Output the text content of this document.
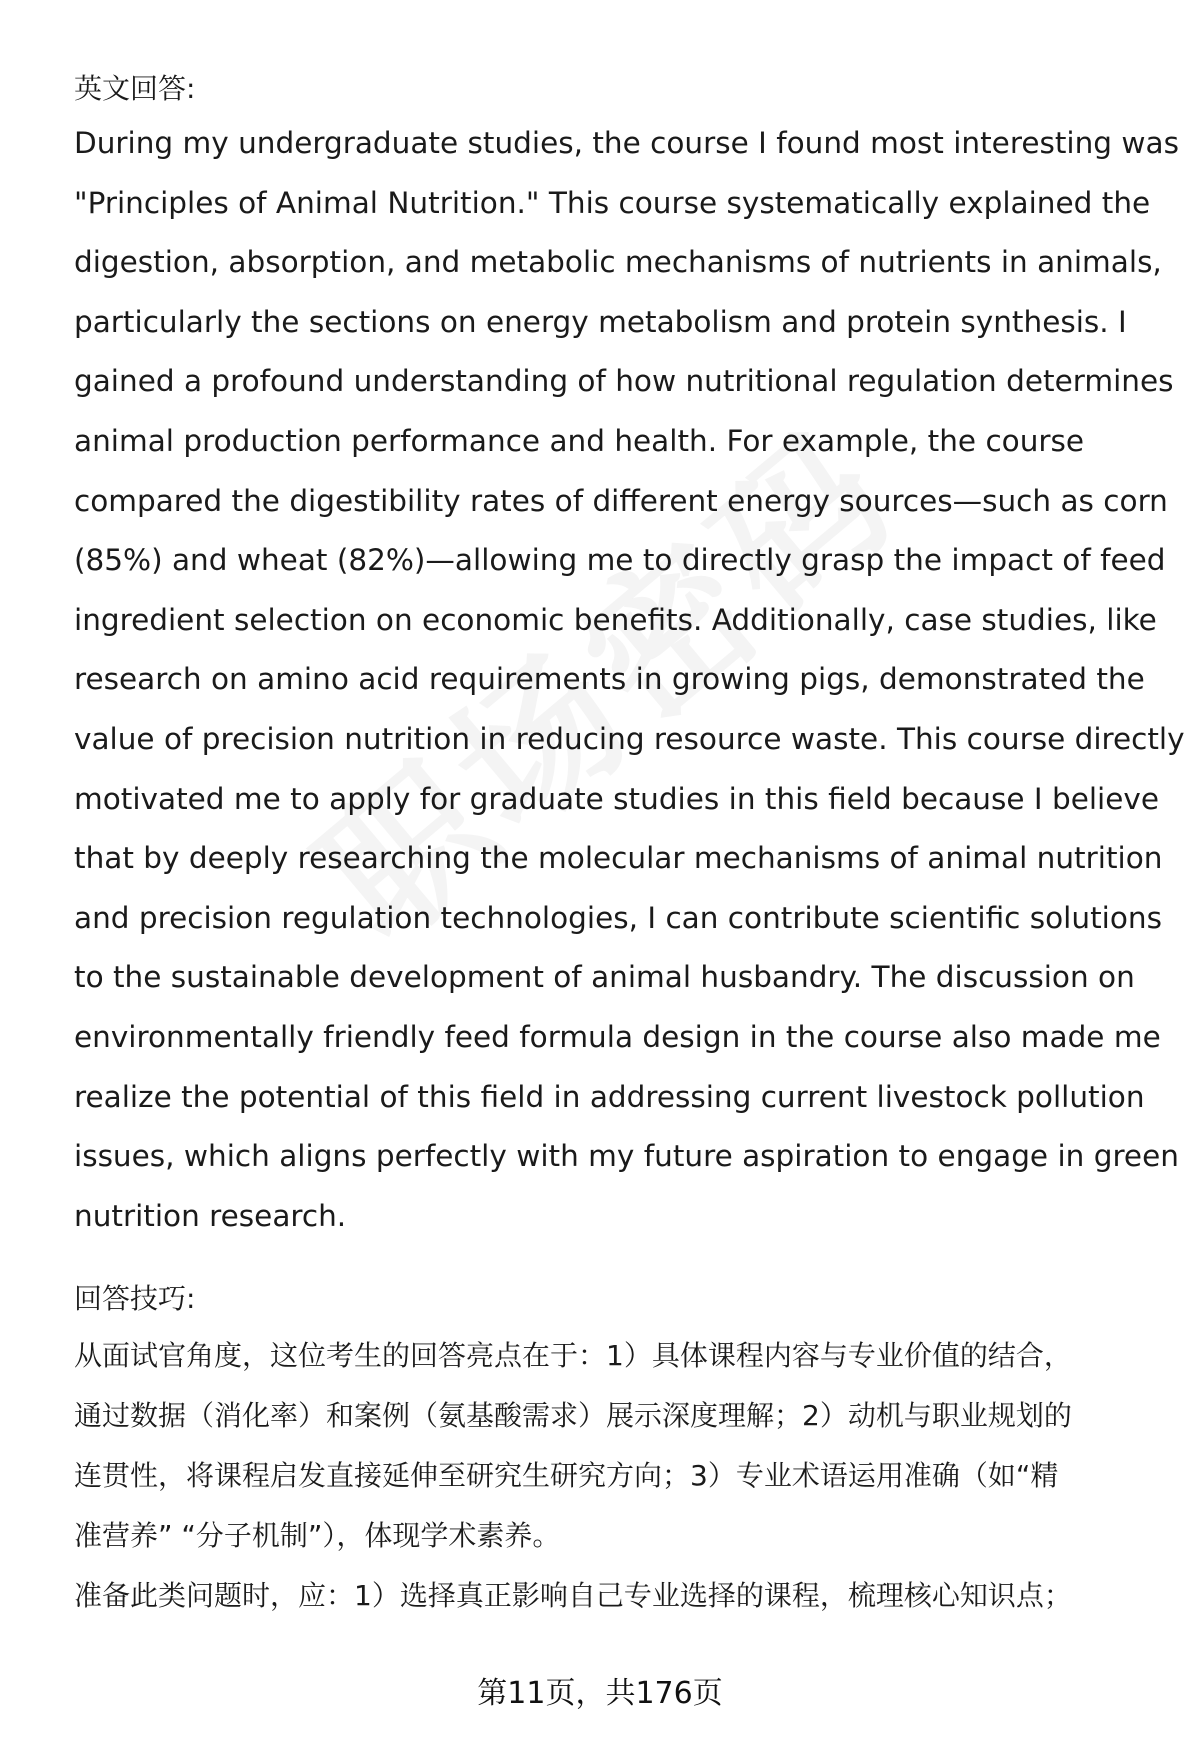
英文回答:

During my undergraduate studies, the course I found most interesting was
"Principles of Animal Nutrition." This course systematically explained the
digestion, absorption, and metabolic mechanisms of nutrients in animals,
particularly the sections on energy metabolism and protein synthesis. I
gained a profound understanding of how nutritional regulation determines
animal production performance and health. For example, the course
compared the digestibility rates of different energy sources—such as corn
(85%) and wheat (82%)—allowing me to directly grasp the impact of feed
ingredient selection on economic benefits. Additionally, case studies, like
research on amino acid requirements in growing pigs, demonstrated the
value of precision nutrition in reducing resource waste. This course directly
motivated me to apply for graduate studies in this field because I believe
that by deeply researching the molecular mechanisms of animal nutrition
and precision regulation technologies, I can contribute scientific solutions
to the sustainable development of animal husbandry. The discussion on
environmentally friendly feed formula design in the course also made me
realize the potential of this field in addressing current livestock pollution
issues, which aligns perfectly with my future aspiration to engage in green
nutrition research.

回答技巧:

从面试官角度，这位考生的回答亮点在于：1）具体课程内容与专业价值的结合，
通过数据（消化率）和案例（氨基酸需求）展示深度理解；2）动机与职业规划的
连贯性，将课程启发直接延伸至研究生研究方向；3）专业术语运用准确（如“精
准营养” “分子机制”），体现学术素养。
准备此类问题时，应：1）选择真正影响自己专业选择的课程，梳理核心知识点；

第11页，共176页
